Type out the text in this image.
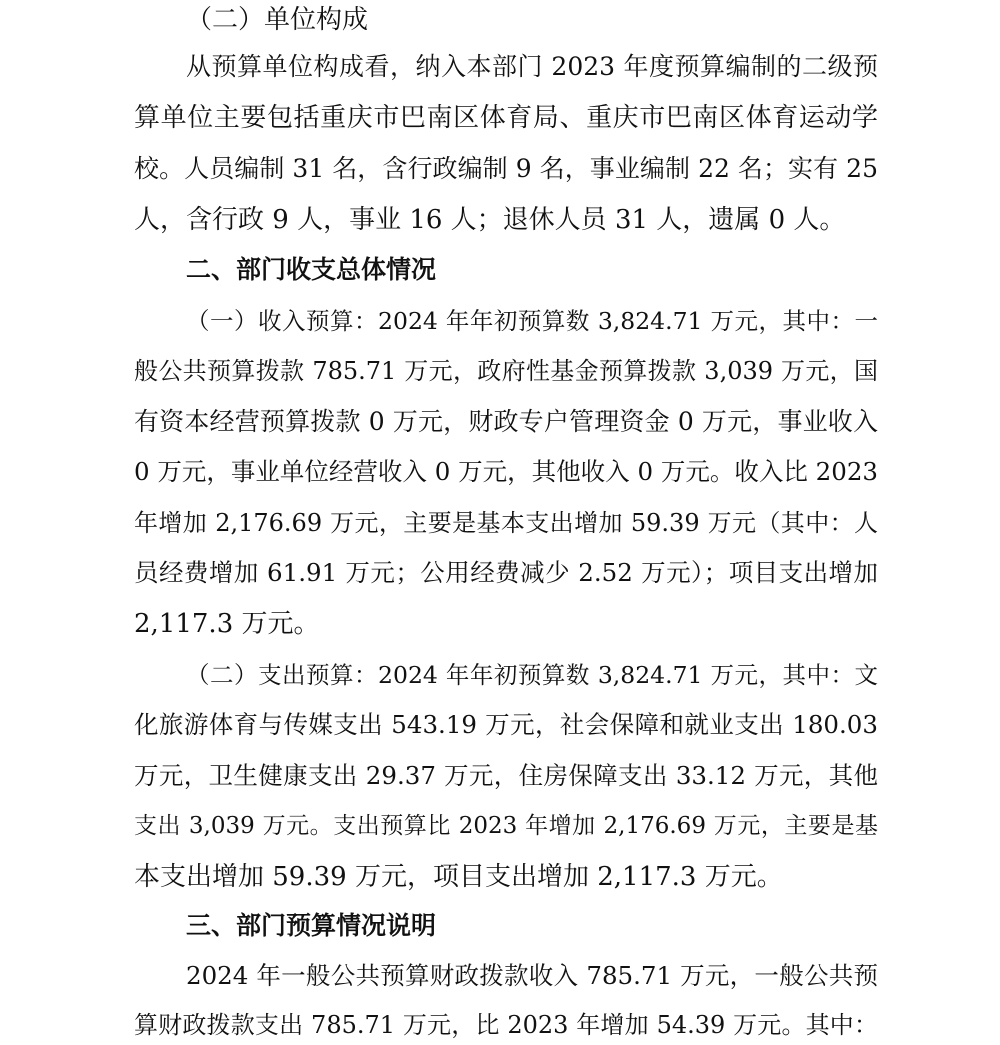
（二）单位构成
从预算单位构成看，纳入本部门 2023 年度预算编制的二级预
算单位主要包括重庆市巴南区体育局、重庆市巴南区体育运动学
校。人员编制 31 名，含行政编制 9 名，事业编制 22 名；实有 25
人，含行政 9 人，事业 16 人；退休人员 31 人，遗属 0 人。
二、部门收支总体情况
（一）收入预算：2024 年年初预算数 3,824.71 万元，其中：一
般公共预算拨款 785.71 万元，政府性基金预算拨款 3,039 万元，国
有资本经营预算拨款 0 万元，财政专户管理资金 0 万元，事业收入
0 万元，事业单位经营收入 0 万元，其他收入 0 万元。收入比 2023
年增加 2,176.69 万元，主要是基本支出增加 59.39 万元（其中：人
员经费增加 61.91 万元；公用经费减少 2.52 万元）；项目支出增加
2,117.3 万元。
（二）支出预算：2024 年年初预算数 3,824.71 万元，其中：文
化旅游体育与传媒支出 543.19 万元，社会保障和就业支出 180.03
万元，卫生健康支出 29.37 万元，住房保障支出 33.12 万元，其他
支出 3,039 万元。支出预算比 2023 年增加 2,176.69 万元，主要是基
本支出增加 59.39 万元，项目支出增加 2,117.3 万元。
三、部门预算情况说明
2024 年一般公共预算财政拨款收入 785.71 万元，一般公共预
算财政拨款支出 785.71 万元，比 2023 年增加 54.39 万元。其中：
